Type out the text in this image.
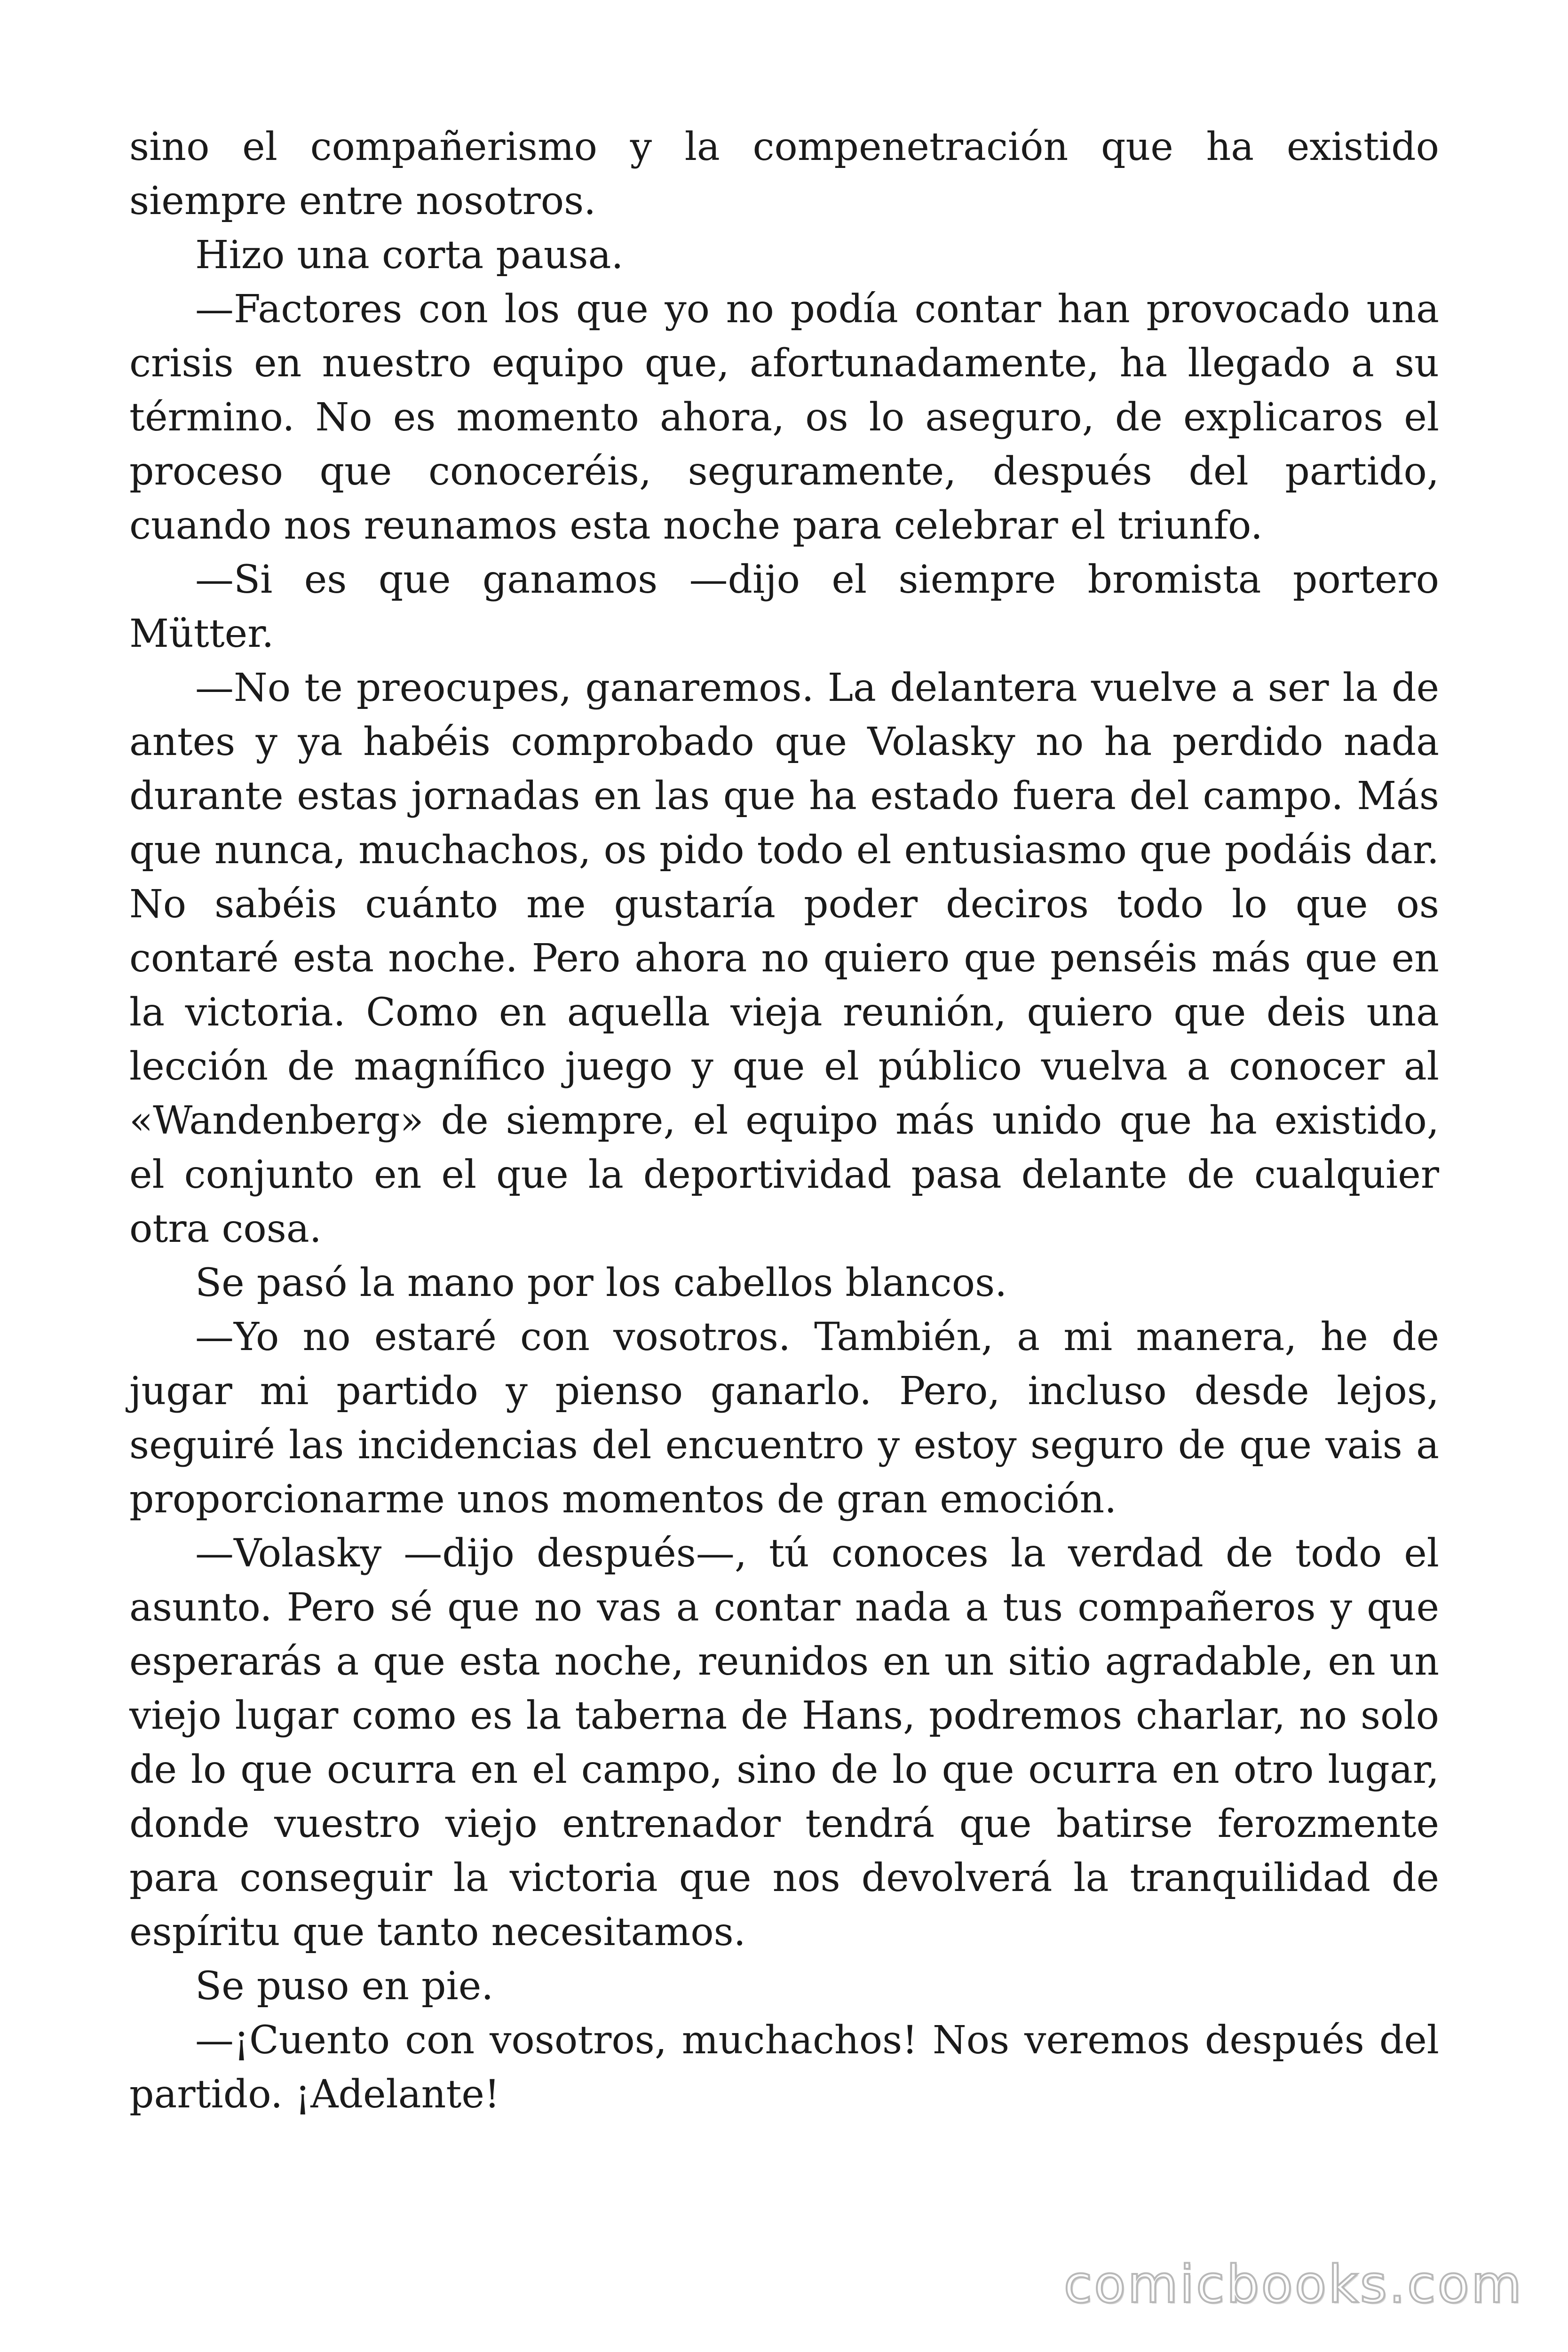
sino el compañerismo y la compenetración que ha existido siempre entre nosotros.

Hizo una corta pausa.

—Factores con los que yo no podía contar han provocado una crisis en nuestro equipo que, afortunadamente, ha llegado a su término. No es momento ahora, os lo aseguro, de explicaros el proceso que conoceréis, seguramente, después del partido, cuando nos reunamos esta noche para celebrar el triunfo.

—Si es que ganamos —dijo el siempre bromista portero Mütter.

—No te preocupes, ganaremos. La delantera vuelve a ser la de antes y ya habéis comprobado que Volasky no ha perdido nada durante estas jornadas en las que ha estado fuera del campo. Más que nunca, muchachos, os pido todo el entusiasmo que podáis dar. No sabéis cuánto me gustaría poder deciros todo lo que os contaré esta noche. Pero ahora no quiero que penséis más que en la victoria. Como en aquella vieja reunión, quiero que deis una lección de magnífico juego y que el público vuelva a conocer al «Wandenberg» de siempre, el equipo más unido que ha existido, el conjunto en el que la deportividad pasa delante de cualquier otra cosa.

Se pasó la mano por los cabellos blancos.

—Yo no estaré con vosotros. También, a mi manera, he de jugar mi partido y pienso ganarlo. Pero, incluso desde lejos, seguiré las incidencias del encuentro y estoy seguro de que vais a proporcionarme unos momentos de gran emoción.

—Volasky —dijo después—, tú conoces la verdad de todo el asunto. Pero sé que no vas a contar nada a tus compañeros y que esperarás a que esta noche, reunidos en un sitio agradable, en un viejo lugar como es la taberna de Hans, podremos charlar, no solo de lo que ocurra en el campo, sino de lo que ocurra en otro lugar, donde vuestro viejo entrenador tendrá que batirse ferozmente para conseguir la victoria que nos devolverá la tranquilidad de espíritu que tanto necesitamos.

Se puso en pie.

—¡Cuento con vosotros, muchachos! Nos veremos después del partido. ¡Adelante!

comicbooks.com
